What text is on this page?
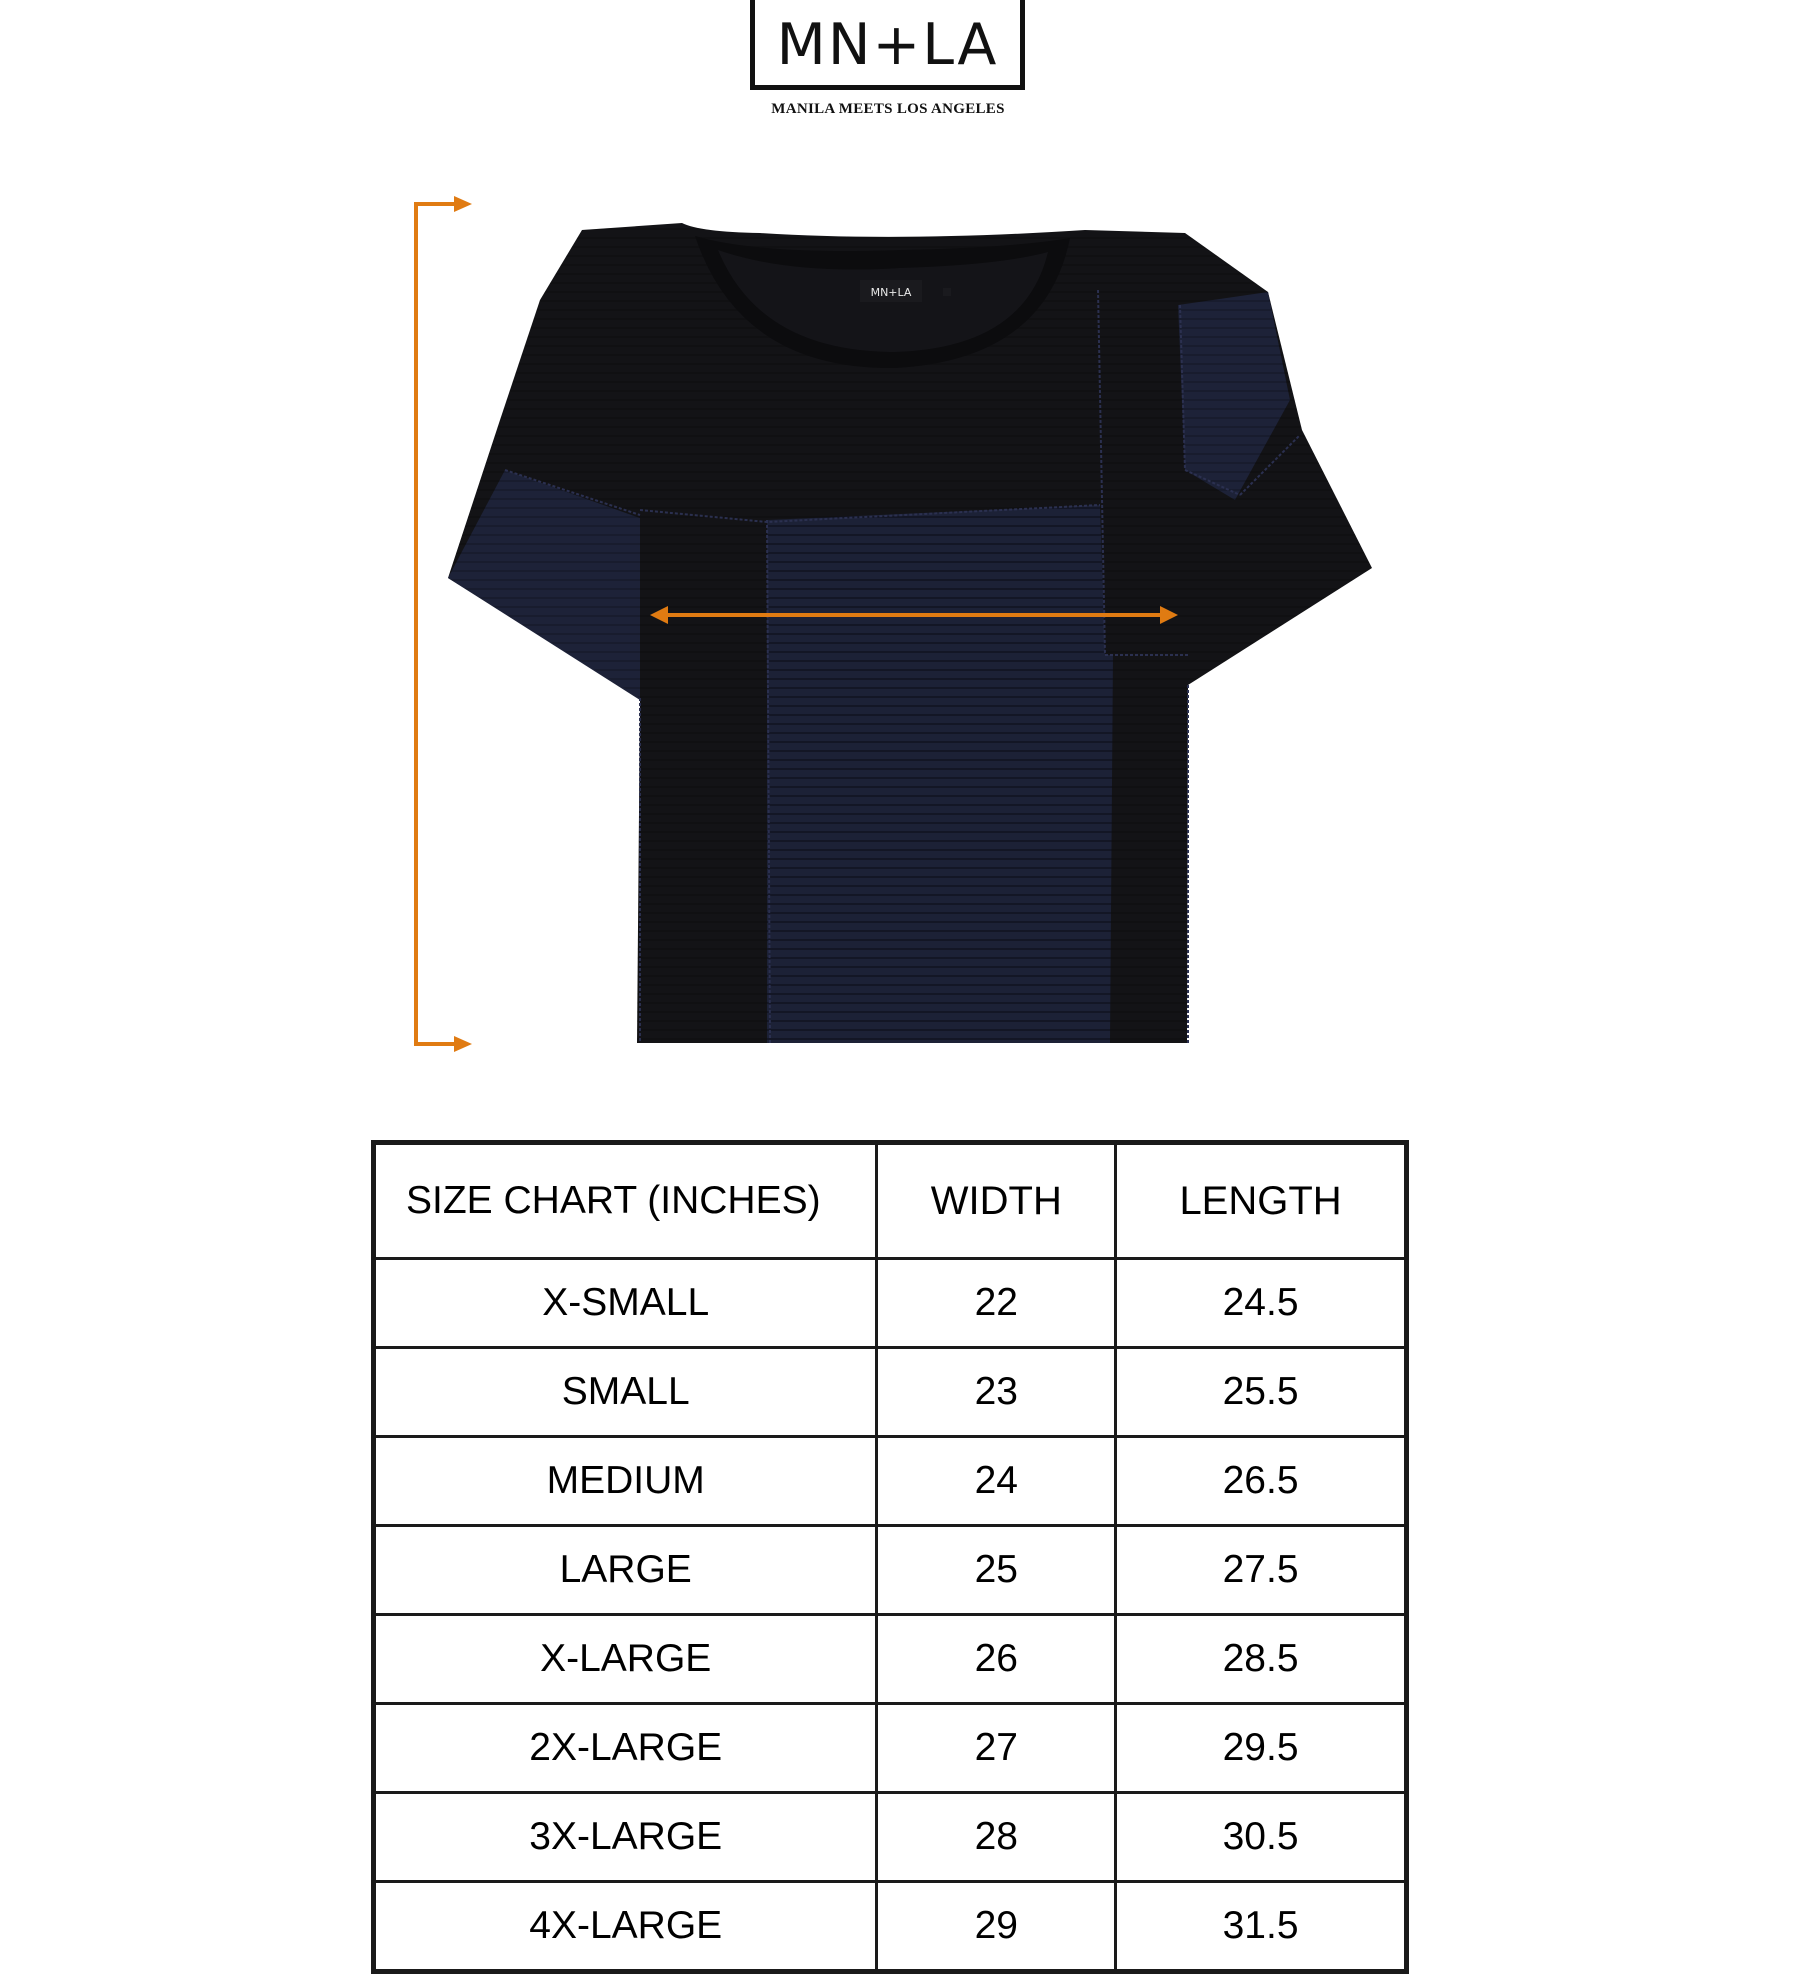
MN+LA
MANILA MEETS LOS ANGELES
MN+LA
SIZE CHART (INCHES)	WIDTH	LENGTH
X-SMALL	22	24.5
SMALL	23	25.5
MEDIUM	24	26.5
LARGE	25	27.5
X-LARGE	26	28.5
2X-LARGE	27	29.5
3X-LARGE	28	30.5
4X-LARGE	29	31.5
